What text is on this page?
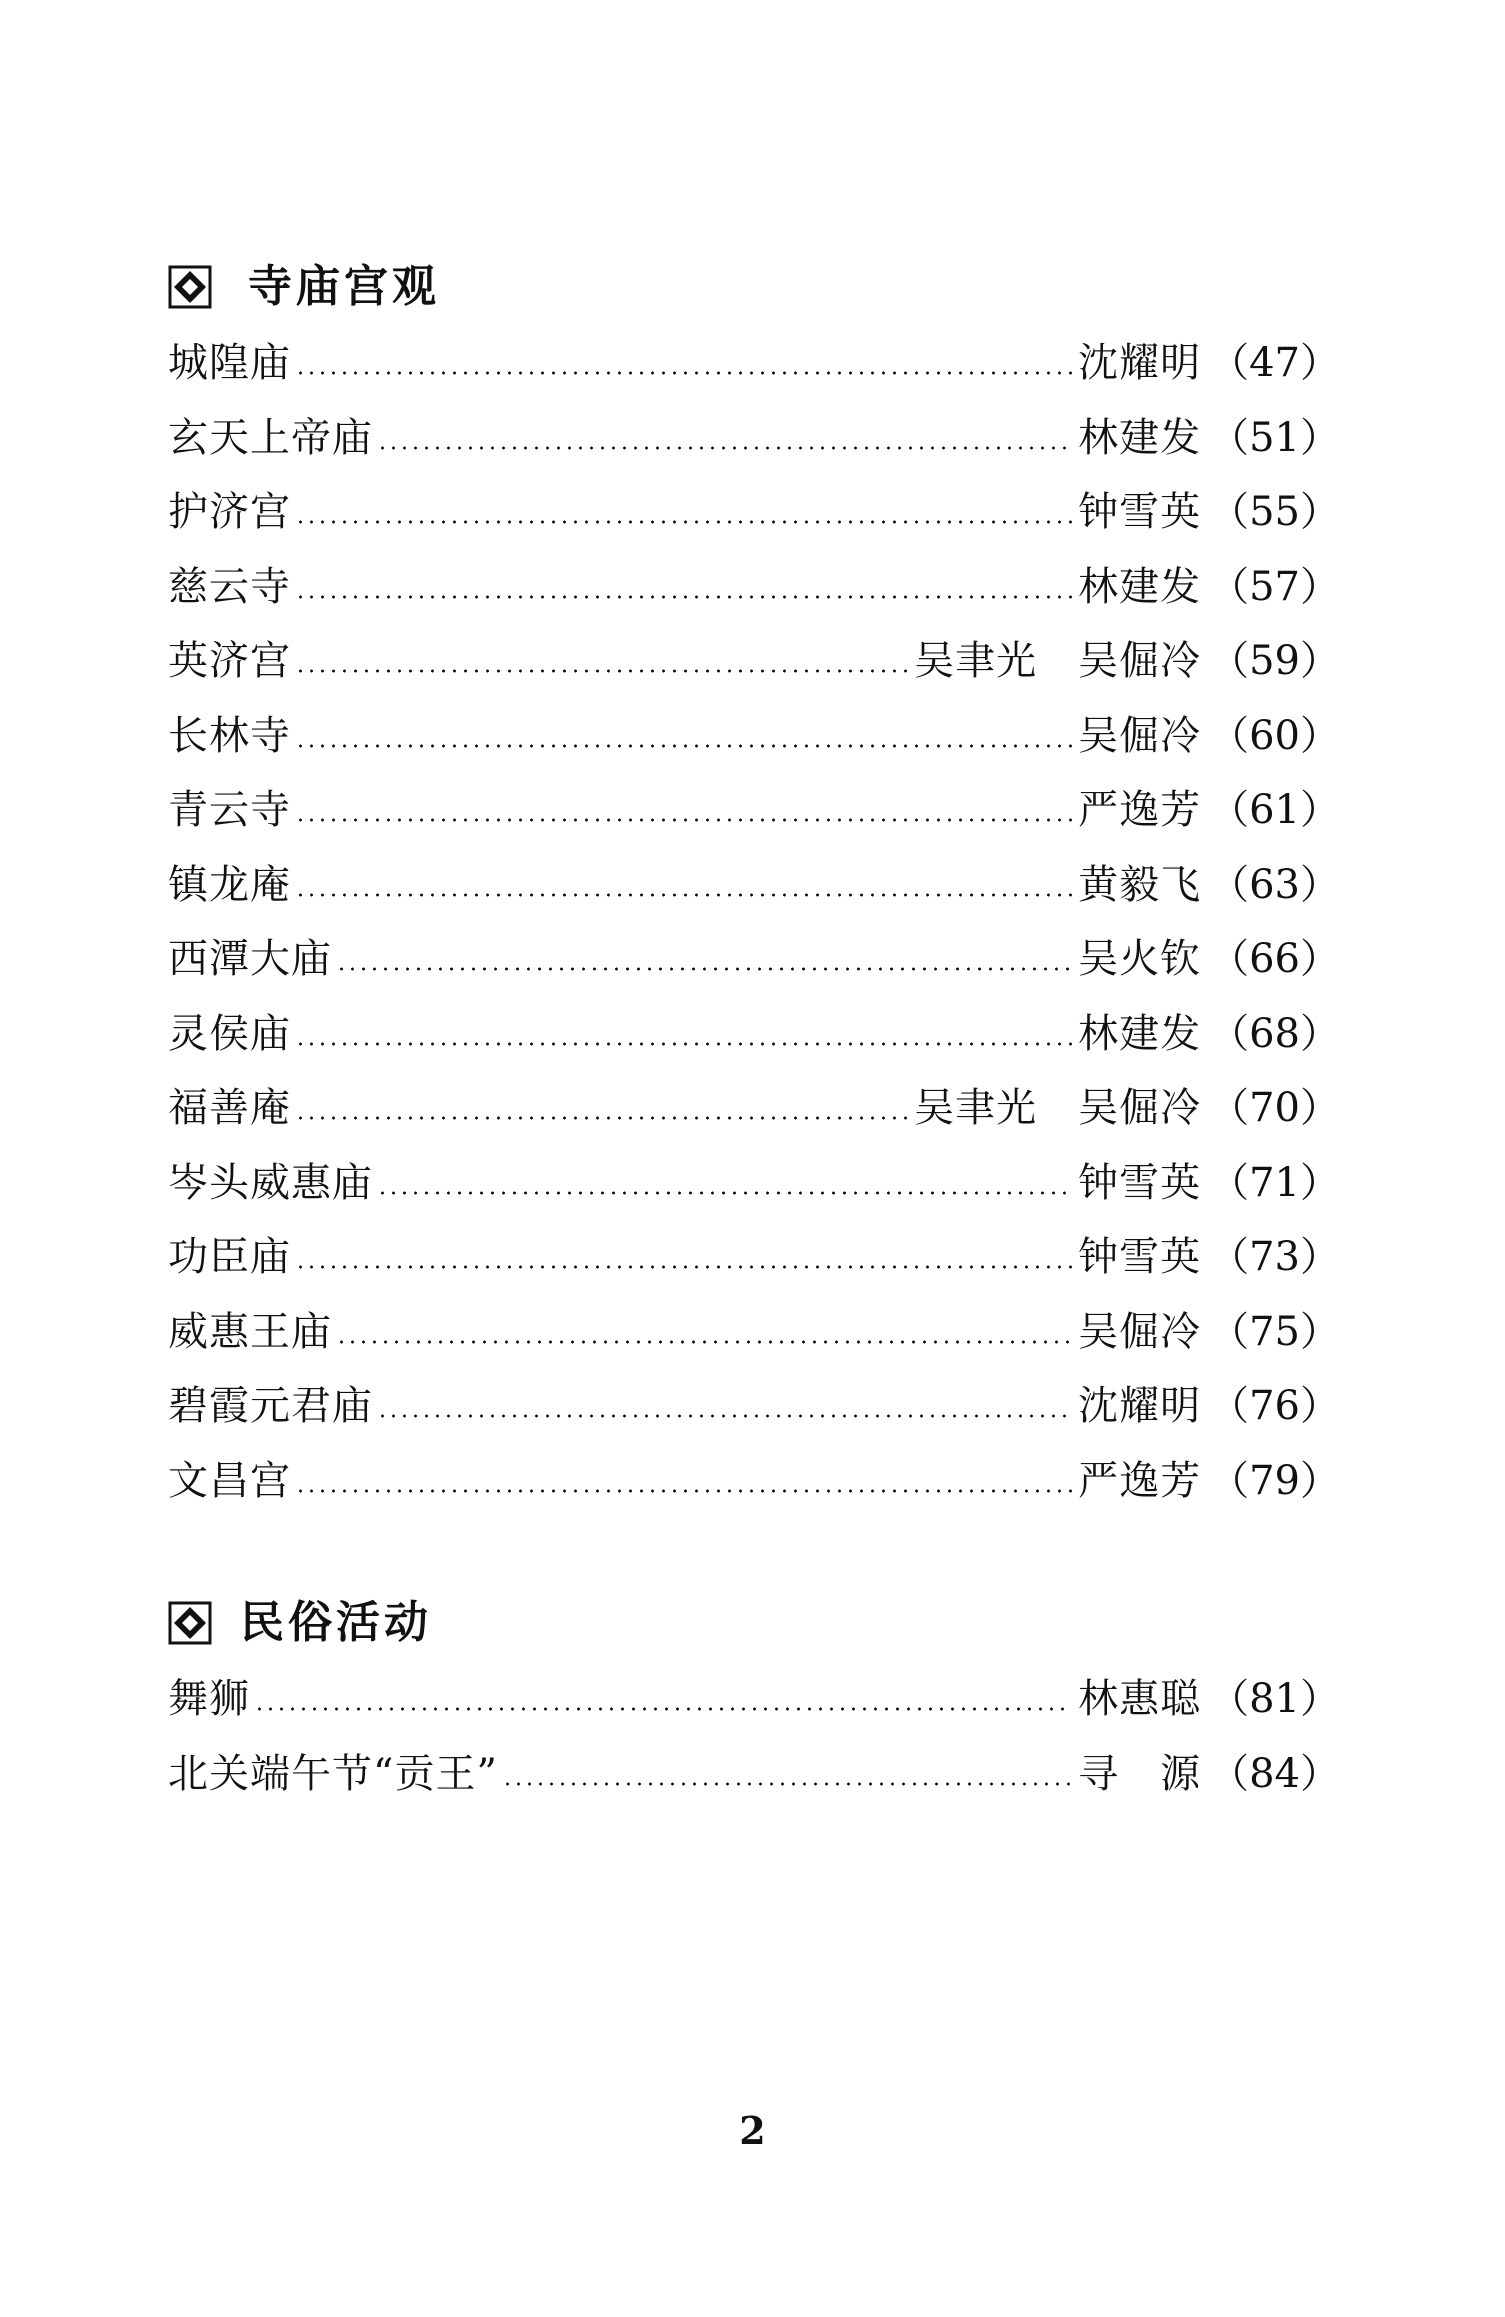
寺庙宫观
城隍庙	沈耀明 （47）
玄天上帝庙	林建发 （51）
护济宫	钟雪英 （55）
慈云寺	林建发 （57）
英济宫	吴聿光　吴倔冷 （59）
长林寺	吴倔冷 （60）
青云寺	严逸芳 （61）
镇龙庵	黄毅飞 （63）
西潭大庙	吴火钦 （66）
灵侯庙	林建发 （68）
福善庵	吴聿光　吴倔冷 （70）
岑头威惠庙	钟雪英 （71）
功臣庙	钟雪英 （73）
威惠王庙	吴倔冷 （75）
碧霞元君庙	沈耀明 （76）
文昌宫	严逸芳 （79）
民俗活动
舞狮	林惠聪 （81）
北关端午节“贡王”	寻　源 （84）
2
